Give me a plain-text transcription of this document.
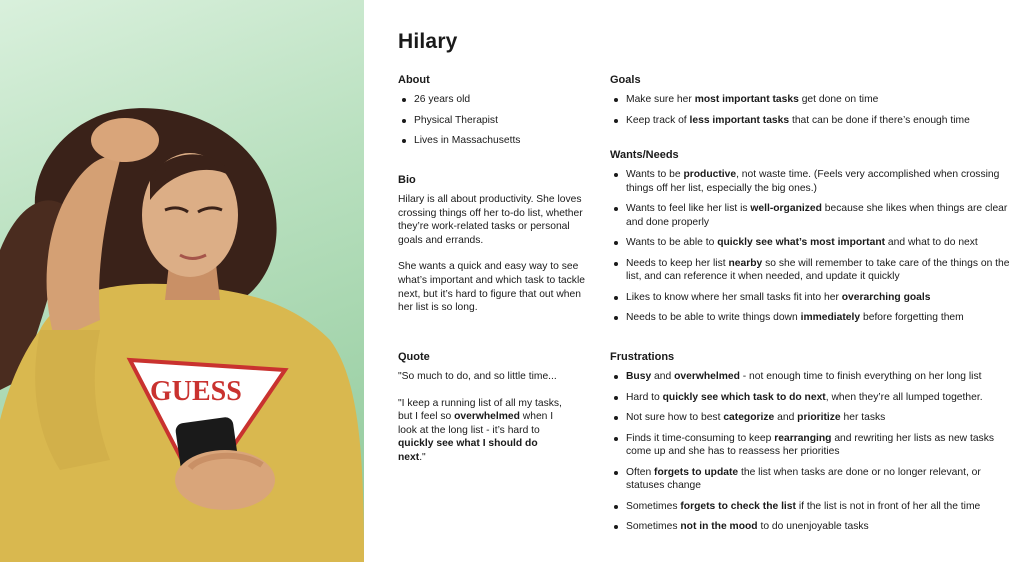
GUESS
Hilary
About
26 years old
Physical Therapist
Lives in Massachusetts
Bio

Hilary is all about productivity. She loves crossing things off her to-do list, whether they’re work-related tasks or personal goals and errands.

She wants a quick and easy way to see what’s important and which task to tackle next, but it’s hard to figure that out when her list is so long.

Quote

"So much to do, and so little time...

"I keep a running list of all my tasks, but I feel so overwhelmed when I look at the long list - it’s hard to quickly see what I should do next."

Goals
Make sure her most important tasks get done on time
Keep track of less important tasks that can be done if there’s enough time
Wants/Needs
Wants to be productive, not waste time. (Feels very accomplished when crossing things off her list, especially the big ones.)
Wants to feel like her list is well-organized because she likes when things are clear and done properly
Wants to be able to quickly see what’s most important and what to do next
Needs to keep her list nearby so she will remember to take care of the things on the list, and can reference it when needed, and update it quickly
Likes to know where her small tasks fit into her overarching goals
Needs to be able to write things down immediately before forgetting them
Frustrations
Busy and overwhelmed - not enough time to finish everything on her long list
Hard to quickly see which task to do next, when they’re all lumped together.
Not sure how to best categorize and prioritize her tasks
Finds it time-consuming to keep rearranging and rewriting her lists as new tasks come up and she has to reassess her priorities
Often forgets to update the list when tasks are done or no longer relevant, or statuses change
Sometimes forgets to check the list if the list is not in front of her all the time
Sometimes not in the mood to do unenjoyable tasks
